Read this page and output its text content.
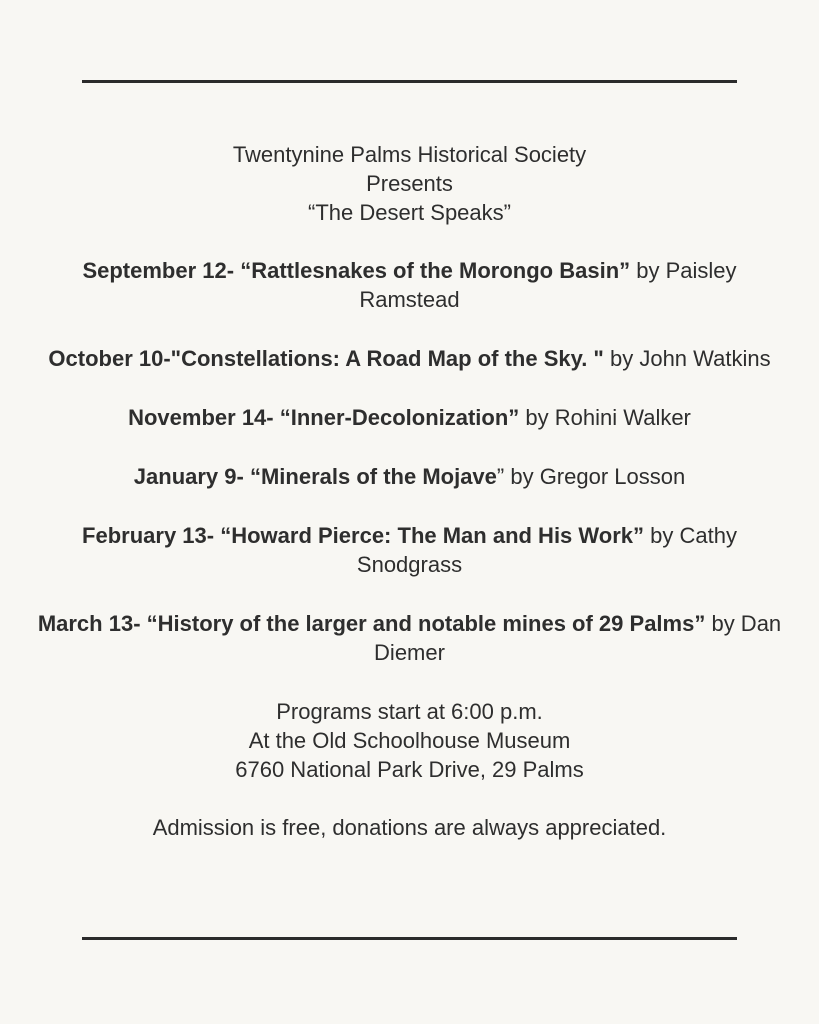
Twentynine Palms Historical Society
Presents
“The Desert Speaks”
September 12- “Rattlesnakes of the Morongo Basin” by Paisley Ramstead
October 10-"Constellations: A Road Map of the Sky. " by John Watkins
November 14- “Inner-Decolonization” by Rohini Walker
January 9- “Minerals of the Mojave” by Gregor Losson
February 13- “Howard Pierce: The Man and His Work” by Cathy Snodgrass
March 13- “History of the larger and notable mines of 29 Palms” by Dan Diemer
Programs start at 6:00 p.m.
At the Old Schoolhouse Museum
6760 National Park Drive, 29 Palms
Admission is free, donations are always appreciated.
